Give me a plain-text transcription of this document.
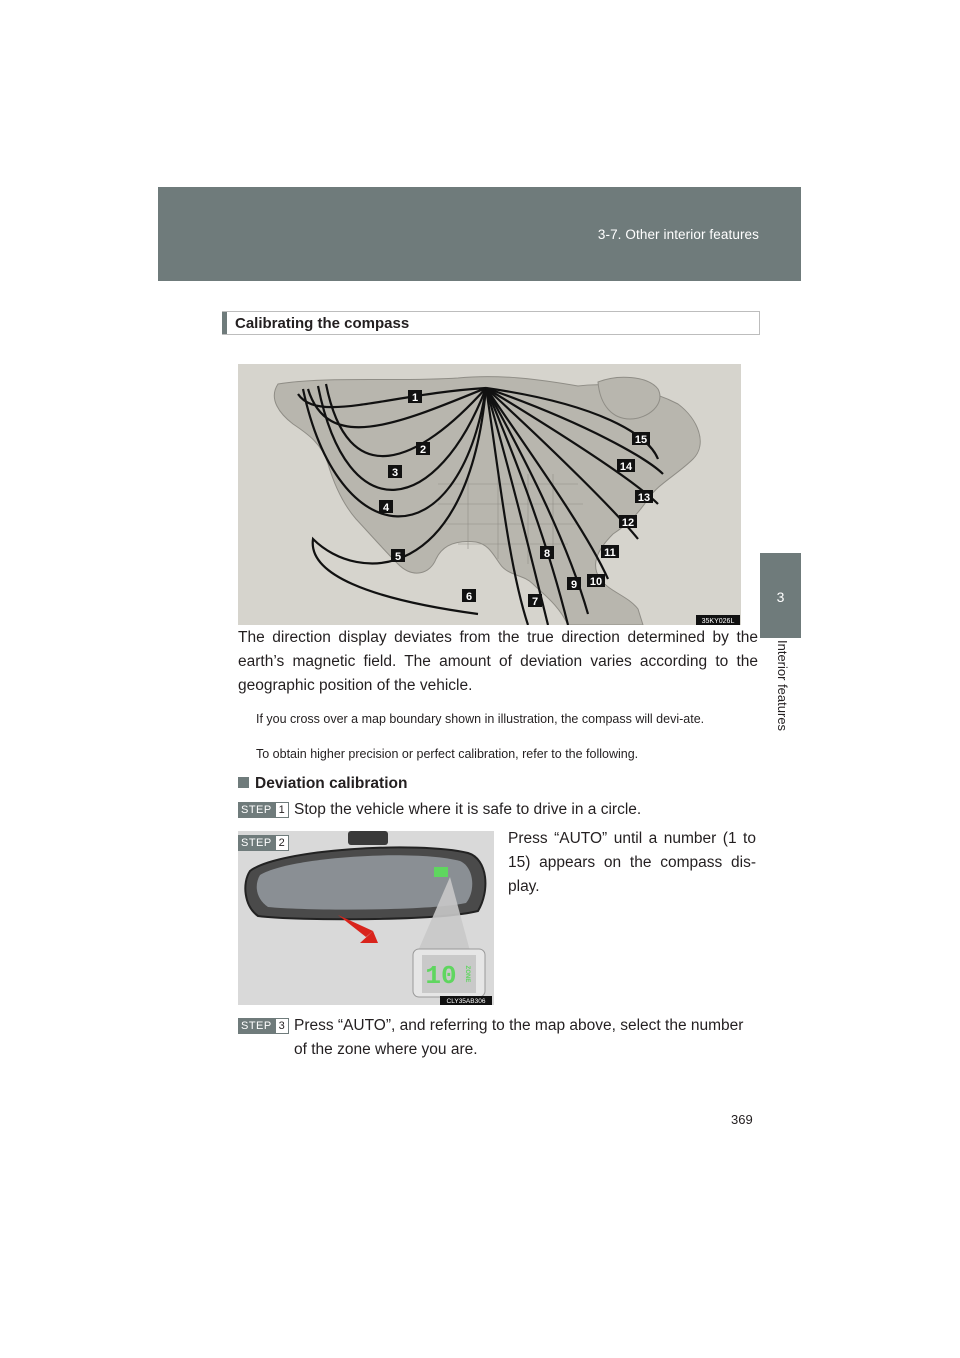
3-7. Other interior features
3
Interior features
Calibrating the compass
1
2
3
4
5
6	7
8
9 10
11
12
13
14
15
35KY026L
The direction display deviates from the true direction determined by the earth’s magnetic field. The amount of deviation varies according to the geographic position of the vehicle.
If you cross over a map boundary shown in illustration, the compass will devi-ate.
To obtain higher precision or perfect calibration, refer to the following.
Deviation calibration
STEP 1 Stop the vehicle where it is safe to drive in a circle.
STEP 2
10 ZONE
CLY35AB306
Press “AUTO” until a number (1 to 15) appears on the compass dis-play.
STEP 3 Press “AUTO”, and referring to the map above, select the number of the zone where you are.
369
